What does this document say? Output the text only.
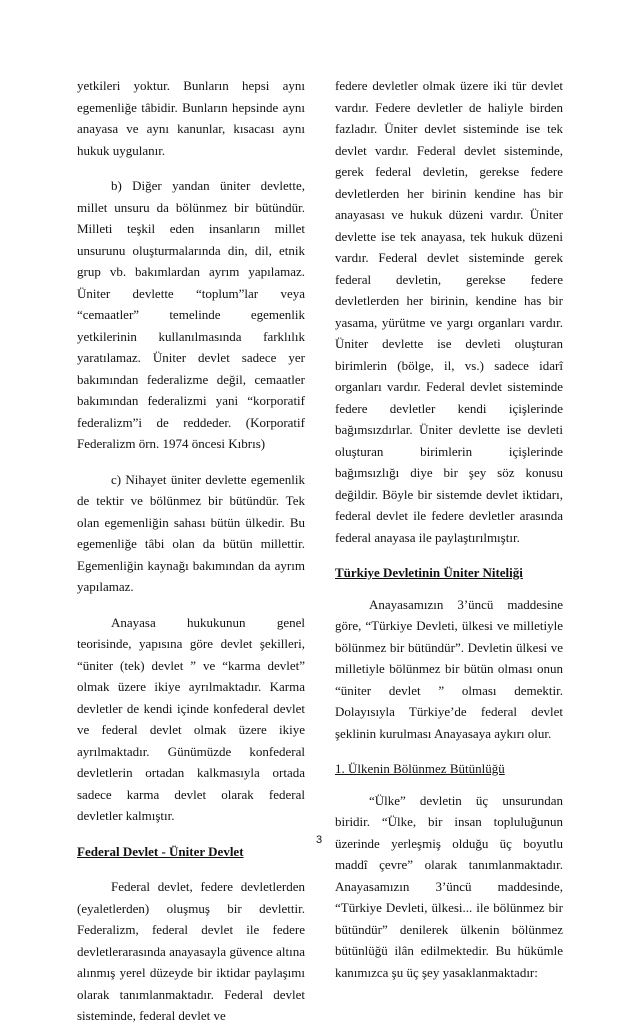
yetkileri yoktur. Bunların hepsi aynı egemenliğe tâbidir. Bunların hepsinde aynı anayasa ve aynı kanunlar, kısacası aynı hukuk uygulanır.

b) Diğer yandan üniter devlette, millet unsuru da bölünmez bir bütündür. Milleti teşkil eden insanların millet unsurunu oluşturmalarında din, dil, etnik grup vb. bakımlardan ayrım yapılamaz. Üniter devlette “toplum”lar veya “cemaatler” temelinde egemenlik yetkilerinin kullanılmasında farklılık yaratılamaz. Üniter devlet sadece yer bakımından federalizme değil, cemaatler bakımından federalizmi yani “korporatif federalizm”i de reddeder. (Korporatif Federalizm örn. 1974 öncesi Kıbrıs)

c) Nihayet üniter devlette egemenlik de tektir ve bölünmez bir bütündür. Tek olan egemenliğin sahası bütün ülkedir. Bu egemenliğe tâbi olan da bütün millettir. Egemenliğin kaynağı bakımından da ayrım yapılamaz.

Anayasa hukukunun genel teorisinde, yapısına göre devlet şekilleri, “üniter (tek) devlet ” ve “karma devlet” olmak üzere ikiye ayrılmaktadır. Karma devletler de kendi içinde konfederal devlet ve federal devlet olmak üzere ikiye ayrılmaktadır. Günümüzde konfederal devletlerin ortadan kalkmasıyla ortada sadece karma devlet olarak federal devletler kalmıştır.

Federal Devlet - Üniter Devlet

Federal devlet, federe devletlerden (eyaletlerden) oluşmuş bir devlettir. Federalizm, federal devlet ile federe devletlerarasında anayasayla güvence altına alınmış yerel düzeyde bir iktidar paylaşımı olarak tanımlanmaktadır. Federal devlet sisteminde, federal devlet ve

federe devletler olmak üzere iki tür devlet vardır. Federe devletler de haliyle birden fazladır. Üniter devlet sisteminde ise tek devlet vardır. Federal devlet sisteminde, gerek federal devletin, gerekse federe devletlerden her birinin kendine has bir anayasası ve hukuk düzeni vardır. Üniter devlette ise tek anayasa, tek hukuk düzeni vardır. Federal devlet sisteminde gerek federal devletin, gerekse federe devletlerden her birinin, kendine has bir yasama, yürütme ve yargı organları vardır. Üniter devlette ise devleti oluşturan birimlerin (bölge, il, vs.) sadece idarî organları vardır. Federal devlet sisteminde federe devletler kendi içişlerinde bağımsızdırlar. Üniter devlette ise devleti oluşturan birimlerin içişlerinde bağımsızlığı diye bir şey söz konusu değildir. Böyle bir sistemde devlet iktidarı, federal devlet ile federe devletler arasında federal anayasa ile paylaştırılmıştır.

Türkiye Devletinin Üniter Niteliği

Anayasamızın 3’üncü maddesine göre, “Türkiye Devleti, ülkesi ve milletiyle bölünmez bir bütündür”. Devletin ülkesi ve milletiyle bölünmez bir bütün olması onun “üniter devlet ” olması demektir. Dolayısıyla Türkiye’de federal devlet şeklinin kurulması Anayasaya aykırı olur.

1. Ülkenin Bölünmez Bütünlüğü

“Ülke” devletin üç unsurundan biridir. “Ülke, bir insan topluluğunun üzerinde yerleşmiş olduğu üç boyutlu maddî çevre” olarak tanımlanmaktadır. Anayasamızın 3’üncü maddesinde, “Türkiye Devleti, ülkesi... ile bölünmez bir bütündür” denilerek ülkenin bölünmez bütünlüğü ilân edilmektedir. Bu hükümle kanımızca şu üç şey yasaklanmaktadır:

3
